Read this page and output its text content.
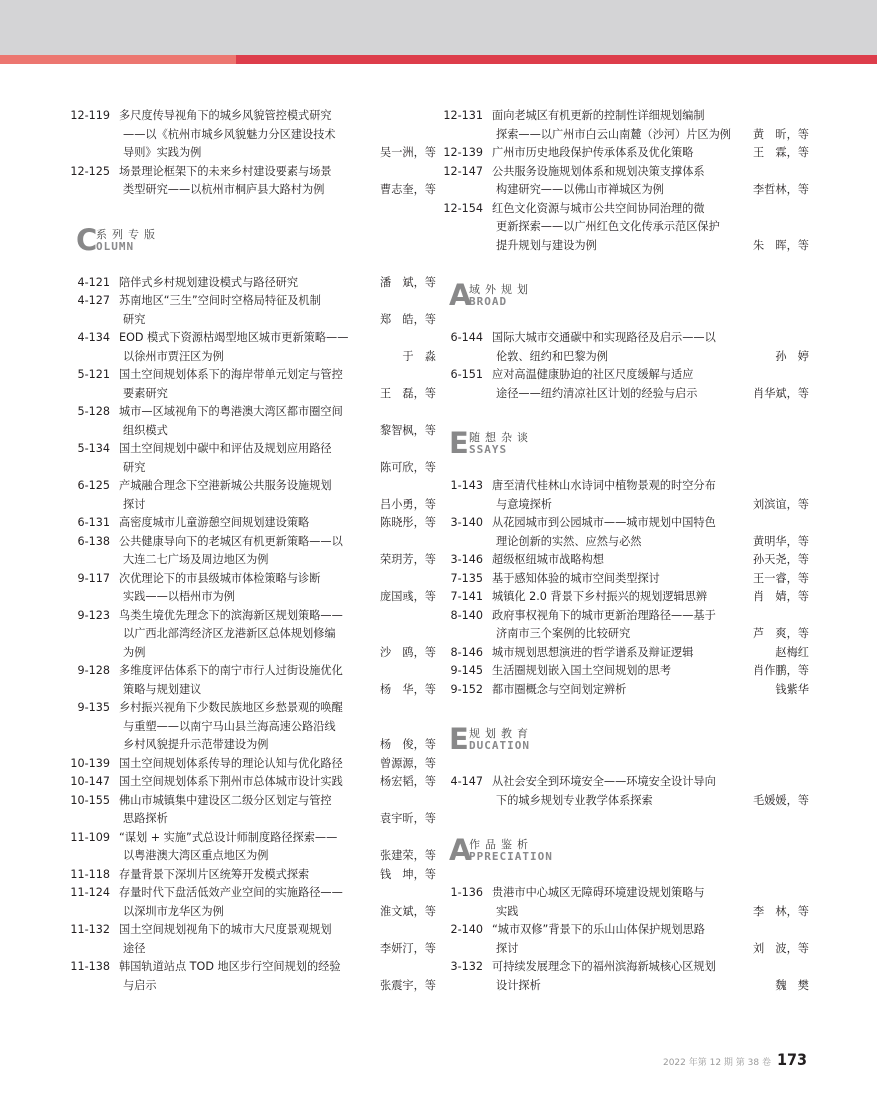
12-119 多尺度传导视角下的城乡风貌管控模式研究
——以《杭州市城乡风貌魅力分区建设技术
导则》实践为例	吴一洲，等
12-125 场景理论框架下的未来乡村建设要素与场景
类型研究——以杭州市桐庐县大路村为例	曹志奎，等
C
系列专版
OLUMN
4-121 陪伴式乡村规划建设模式与路径研究	潘　斌，等
4-127 苏南地区“三生”空间时空格局特征及机制
研究	郑　皓，等
4-134 EOD 模式下资源枯竭型地区城市更新策略——
以徐州市贾汪区为例	于　淼
5-121 国土空间规划体系下的海岸带单元划定与管控
要素研究	王　磊，等
5-128 城市—区域视角下的粤港澳大湾区都市圈空间
组织模式	黎智枫，等
5-134 国土空间规划中碳中和评估及规划应用路径
研究	陈可欣，等
6-125 产城融合理念下空港新城公共服务设施规划
探讨	吕小勇，等
6-131 高密度城市儿童游憩空间规划建设策略	陈晓彤，等
6-138 公共健康导向下的老城区有机更新策略——以
大连二七广场及周边地区为例	荣玥芳，等
9-117 次优理论下的市县级城市体检策略与诊断
实践——以梧州市为例	庞国彧，等
9-123 鸟类生境优先理念下的滨海新区规划策略——
以广西北部湾经济区龙港新区总体规划修编
为例	沙　鸥，等
9-128 多维度评估体系下的南宁市行人过街设施优化
策略与规划建议	杨　华，等
9-135 乡村振兴视角下少数民族地区乡愁景观的唤醒
与重塑——以南宁马山县兰海高速公路沿线
乡村风貌提升示范带建设为例	杨　俊，等
10-139 国土空间规划体系传导的理论认知与优化路径	曾源源，等
10-147 国土空间规划体系下荆州市总体城市设计实践	杨宏韬，等
10-155 佛山市城镇集中建设区二级分区划定与管控
思路探析	袁宇昕，等
11-109 “谋划 + 实施”式总设计师制度路径探索——
以粤港澳大湾区重点地区为例	张建荣，等
11-118 存量背景下深圳片区统筹开发模式探索	钱　坤，等
11-124 存量时代下盘活低效产业空间的实施路径——
以深圳市龙华区为例	淮文斌，等
11-132 国土空间规划视角下的城市大尺度景观规划
途径	李妍汀，等
11-138 韩国轨道站点 TOD 地区步行空间规划的经验
与启示	张震宇，等
12-131 面向老城区有机更新的控制性详细规划编制
探索——以广州市白云山南麓（沙河）片区为例	黄　昕，等
12-139 广州市历史地段保护传承体系及优化策略	王　霖，等
12-147 公共服务设施规划体系和规划决策支撑体系
构建研究——以佛山市禅城区为例	李哲林，等
12-154 红色文化资源与城市公共空间协同治理的微
更新探索——以广州红色文化传承示范区保护
提升规划与建设为例	朱　晖，等
A
域外规划
BROAD
6-144 国际大城市交通碳中和实现路径及启示——以
伦敦、纽约和巴黎为例	孙　婷
6-151 应对高温健康胁迫的社区尺度缓解与适应
途径——纽约清凉社区计划的经验与启示	肖华斌，等
E 随想杂谈
SSAYS
1-143 唐至清代桂林山水诗词中植物景观的时空分布
与意境探析	刘滨谊，等
3-140 从花园城市到公园城市——城市规划中国特色
理论创新的实然、应然与必然	黄明华，等
3-146 超级枢纽城市战略构想	孙天尧，等
7-135 基于感知体验的城市空间类型探讨	王一睿，等
7-141 城镇化 2.0 背景下乡村振兴的规划逻辑思辨	肖　婧，等
8-140 政府事权视角下的城市更新治理路径——基于
济南市三个案例的比较研究	芦　爽，等
8-146 城市规划思想演进的哲学谱系及辩证逻辑	赵梅红
9-145 生活圈规划嵌入国土空间规划的思考	肖作鹏，等
9-152 都市圈概念与空间划定辨析	钱紫华
E 规划教育
DUCATION
4-147 从社会安全到环境安全——环境安全设计导向
下的城乡规划专业教学体系探索	毛媛媛，等
A
作品鉴析
PPRECIATION
1-136 贵港市中心城区无障碍环境建设规划策略与
实践	李　林，等
2-140 “城市双修”背景下的乐山山体保护规划思路
探讨	刘　波，等
3-132 可持续发展理念下的福州滨海新城核心区规划
设计探析	魏　樊
2022 年第 12 期 第 38 卷 173
